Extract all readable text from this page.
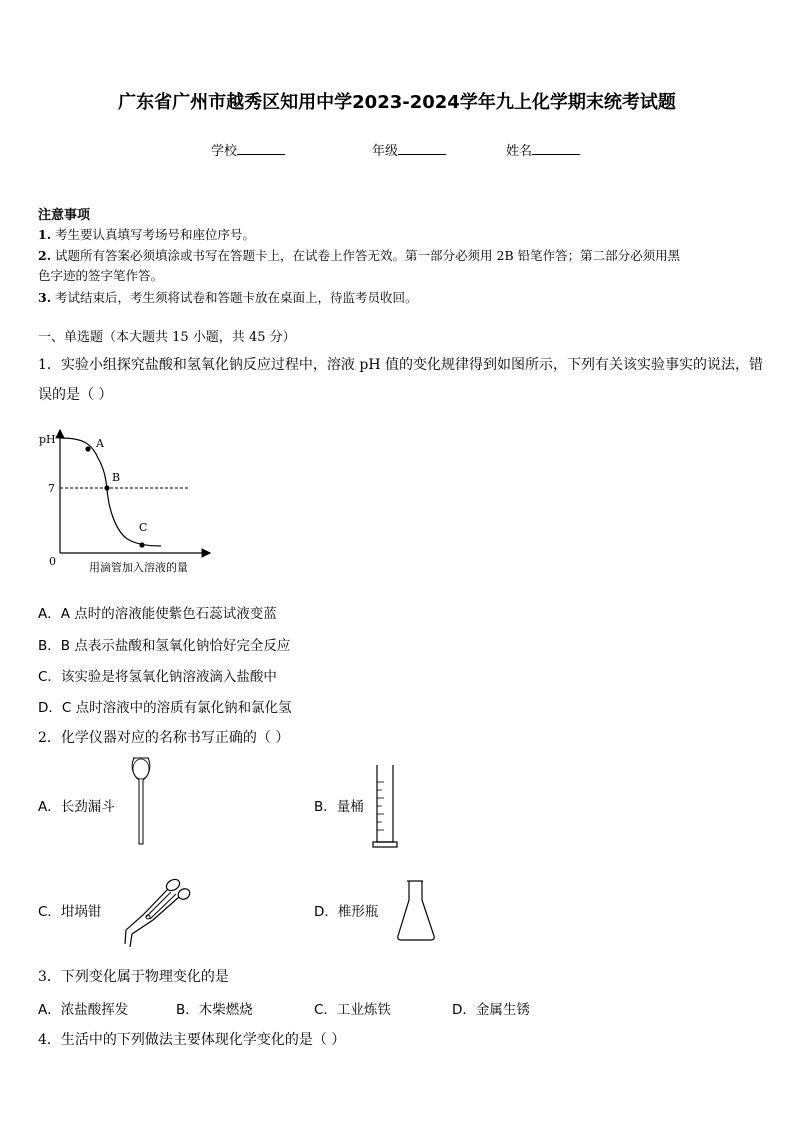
广东省广州市越秀区知用中学2023-2024学年九上化学期末统考试题
学校	年级	姓名
注意事项
1. 考生要认真填写考场号和座位序号。
2. 试题所有答案必须填涂或书写在答题卡上，在试卷上作答无效。第一部分必须用 2B 铅笔作答；第二部分必须用黑
色字迹的签字笔作答。
3. 考试结束后，考生须将试卷和答题卡放在桌面上，待监考员收回。
一、单选题（本大题共 15 小题，共 45 分）
1．实验小组探究盐酸和氢氧化钠反应过程中，溶液 pH 值的变化规律得到如图所示，下列有关该实验事实的说法，错
误的是（ ）
pH
7
0
A
B
C
用滴管加入溶液的量
A．A 点时的溶液能使紫色石蕊试液变蓝
B．B 点表示盐酸和氢氧化钠恰好完全反应
C．该实验是将氢氧化钠溶液滴入盐酸中
D．C 点时溶液中的溶质有氯化钠和氯化氢
2．化学仪器对应的名称书写正确的（ ）
A．长劲漏斗	B．量桶
C．坩埚钳	D．椎形瓶
3．下列变化属于物理变化的是
A．浓盐酸挥发	B．木柴燃烧	C．工业炼铁	D．金属生锈
4．生活中的下列做法主要体现化学变化的是（ ）
